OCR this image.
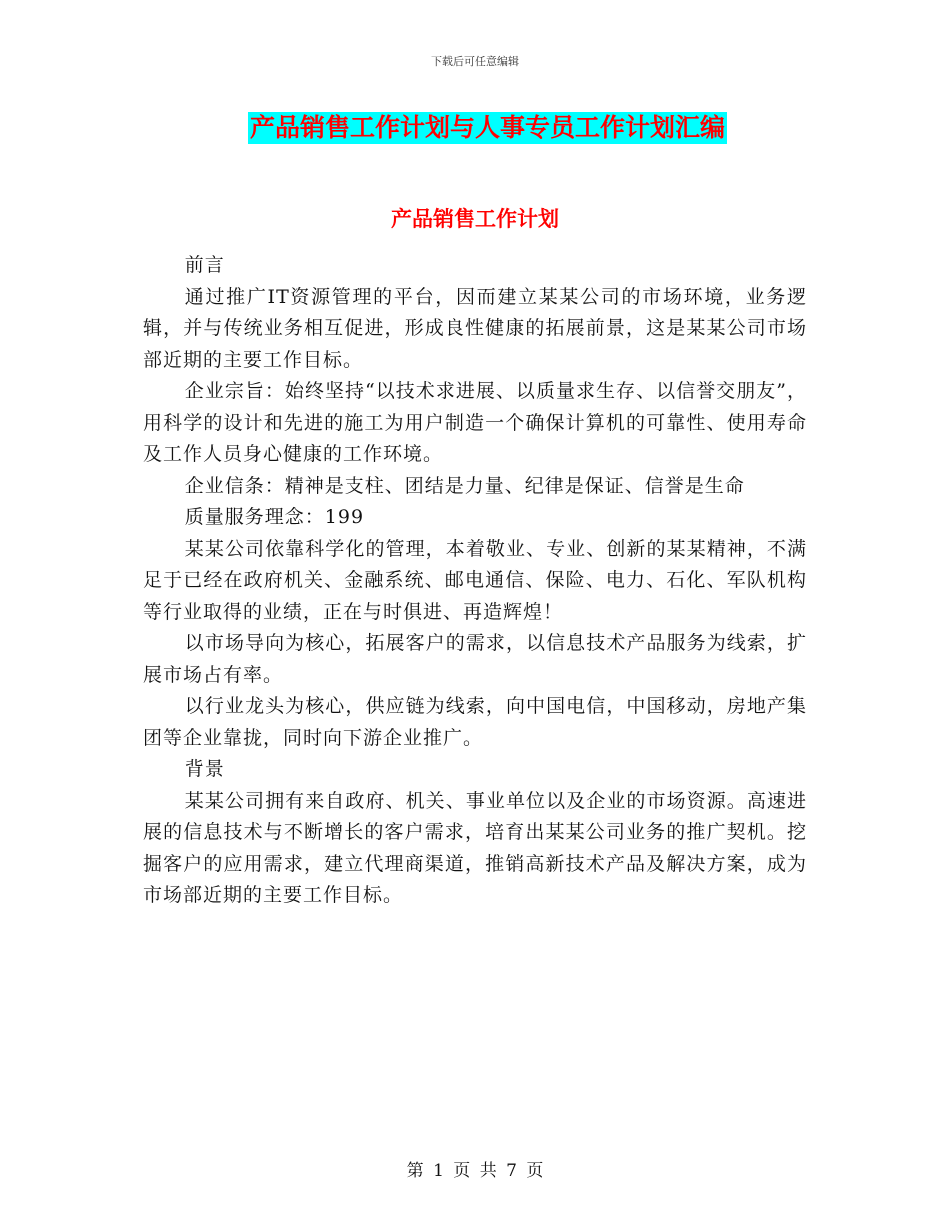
下载后可任意编辑
产品销售工作计划与人事专员工作计划汇编
产品销售工作计划

前言

通过推广IT资源管理的平台，因而建立某某公司的市场环境，业务逻辑，并与传统业务相互促进，形成良性健康的拓展前景，这是某某公司市场部近期的主要工作目标。

企业宗旨：始终坚持“以技术求进展、以质量求生存、以信誉交朋友”，用科学的设计和先进的施工为用户制造一个确保计算机的可靠性、使用寿命及工作人员身心健康的工作环境。

企业信条：精神是支柱、团结是力量、纪律是保证、信誉是生命

质量服务理念：199

某某公司依靠科学化的管理，本着敬业、专业、创新的某某精神，不满足于已经在政府机关、金融系统、邮电通信、保险、电力、石化、军队机构等行业取得的业绩，正在与时俱进、再造辉煌！

以市场导向为核心，拓展客户的需求，以信息技术产品服务为线索，扩展市场占有率。

以行业龙头为核心，供应链为线索，向中国电信，中国移动，房地产集团等企业靠拢，同时向下游企业推广。

背景

某某公司拥有来自政府、机关、事业单位以及企业的市场资源。高速进展的信息技术与不断增长的客户需求，培育出某某公司业务的推广契机。挖掘客户的应用需求，建立代理商渠道，推销高新技术产品及解决方案，成为市场部近期的主要工作目标。

第 1 页 共 7 页
